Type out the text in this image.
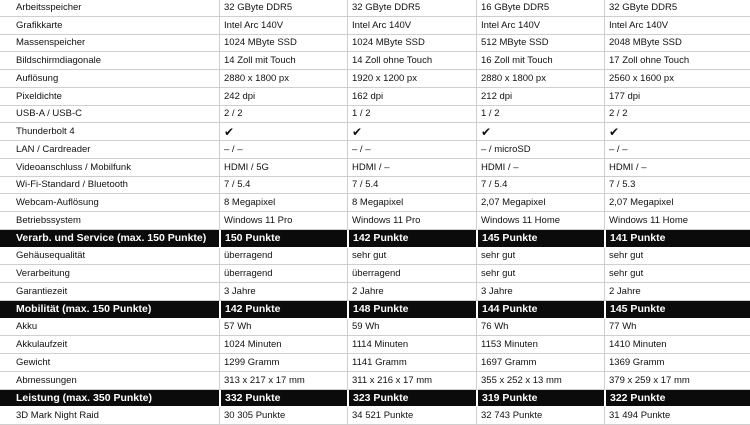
Arbeitsspeicher	32 GByte DDR5	32 GByte DDR5	16 GByte DDR5	32 GByte DDR5
Grafikkarte	Intel Arc 140V	Intel Arc 140V	Intel Arc 140V	Intel Arc 140V
Massenspeicher	1024 MByte SSD	1024 MByte SSD	512 MByte SSD	2048 MByte SSD
Bildschirmdiagonale	14 Zoll mit Touch	14 Zoll ohne Touch	16 Zoll mit Touch	17 Zoll ohne Touch
Auflösung	2880 x 1800 px	1920 x 1200 px	2880 x 1800 px	2560 x 1600 px
Pixeldichte	242 dpi	162 dpi	212 dpi	177 dpi
USB-A / USB-C	2 / 2	1 / 2	1 / 2	2 / 2
Thunderbolt 4	✔	✔	✔	✔
LAN / Cardreader	– / –	– / –	– / microSD	– / –
Videoanschluss / Mobilfunk	HDMI / 5G	HDMI / –	HDMI / –	HDMI / –
Wi-Fi-Standard / Bluetooth	7 / 5.4	7 / 5.4	7 / 5.4	7 / 5.3
Webcam-Auflösung	8 Megapixel	8 Megapixel	2,07 Megapixel	2,07 Megapixel
Betriebssystem	Windows 11 Pro	Windows 11 Pro	Windows 11 Home	Windows 11 Home
Verarb. und Service (max. 150 Punkte)	150 Punkte	142 Punkte	145 Punkte	141 Punkte
Gehäusequalität	überragend	sehr gut	sehr gut	sehr gut
Verarbeitung	überragend	überragend	sehr gut	sehr gut
Garantiezeit	3 Jahre	2 Jahre	3 Jahre	2 Jahre
Mobilität (max. 150 Punkte)	142 Punkte	148 Punkte	144 Punkte	145 Punkte
Akku	57 Wh	59 Wh	76 Wh	77 Wh
Akkulaufzeit	1024 Minuten	1114 Minuten	1153 Minuten	1410 Minuten
Gewicht	1299 Gramm	1141 Gramm	1697 Gramm	1369 Gramm
Abmessungen	313 x 217 x 17 mm	311 x 216 x 17 mm	355 x 252 x 13 mm	379 x 259 x 17 mm
Leistung (max. 350 Punkte)	332 Punkte	323 Punkte	319 Punkte	322 Punkte
3D Mark Night Raid	30 305 Punkte	34 521 Punkte	32 743 Punkte	31 494 Punkte
